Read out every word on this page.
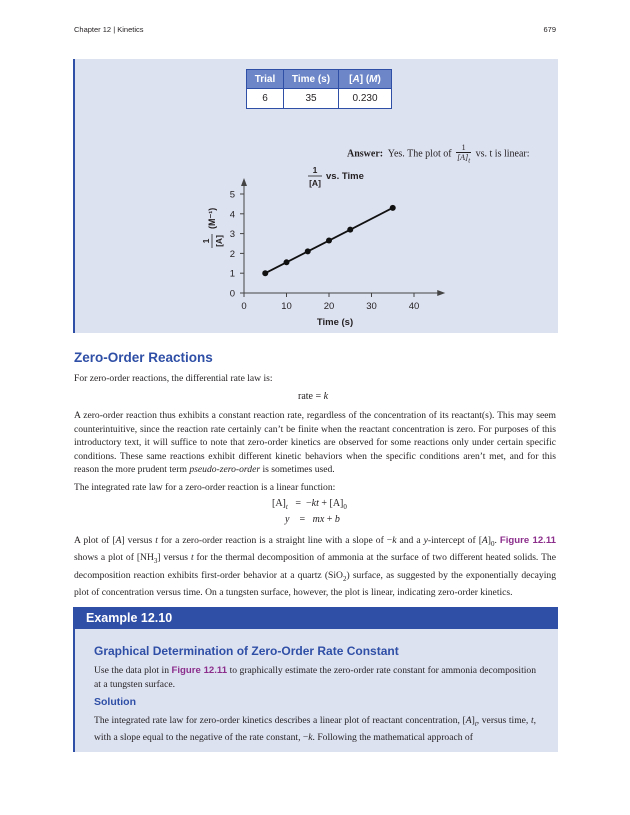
Chapter 12 | Kinetics	679
Trial	Time (s)	[A] (M)
6	35	0.230
Answer: Yes. The plot of $\frac{1}{[A]_t}$ vs. t is linear:
0	10	20	30	40
0
1
2
3
4
5
Time (s)
1
[A]
vs. Time
1 [A]
(M⁻¹)
Zero-Order Reactions
For zero-order reactions, the differential rate law is:
rate = k
A zero-order reaction thus exhibits a constant reaction rate, regardless of the concentration of its reactant(s). This may seem counterintuitive, since the reaction rate certainly can’t be finite when the reactant concentration is zero. For purposes of this introductory text, it will suffice to note that zero-order kinetics are observed for some reactions only under certain specific conditions. These same reactions exhibit different kinetic behaviors when the specific conditions aren’t met, and for this reason the more prudent term pseudo-zero-order is sometimes used.
The integrated rate law for a zero-order reaction is a linear function:
$[A]_t = -kt + [A]_0$
y    =   mx + b
A plot of [A] versus t for a zero-order reaction is a straight line with a slope of −k and a y-intercept of $[A]_0$. Figure 12.11 shows a plot of $[NH_3]$ versus t for the thermal decomposition of ammonia at the surface of two different heated solids. The decomposition reaction exhibits first-order behavior at a quartz (SiO$_2$) surface, as suggested by the exponentially decaying plot of concentration versus time. On a tungsten surface, however, the plot is linear, indicating zero-order kinetics.
Example 12.10
Graphical Determination of Zero-Order Rate Constant
Use the data plot in Figure 12.11 to graphically estimate the zero-order rate constant for ammonia decomposition at a tungsten surface.
Solution
The integrated rate law for zero-order kinetics describes a linear plot of reactant concentration, $[A]_t$, versus time, t, with a slope equal to the negative of the rate constant, −k. Following the mathematical approach of
